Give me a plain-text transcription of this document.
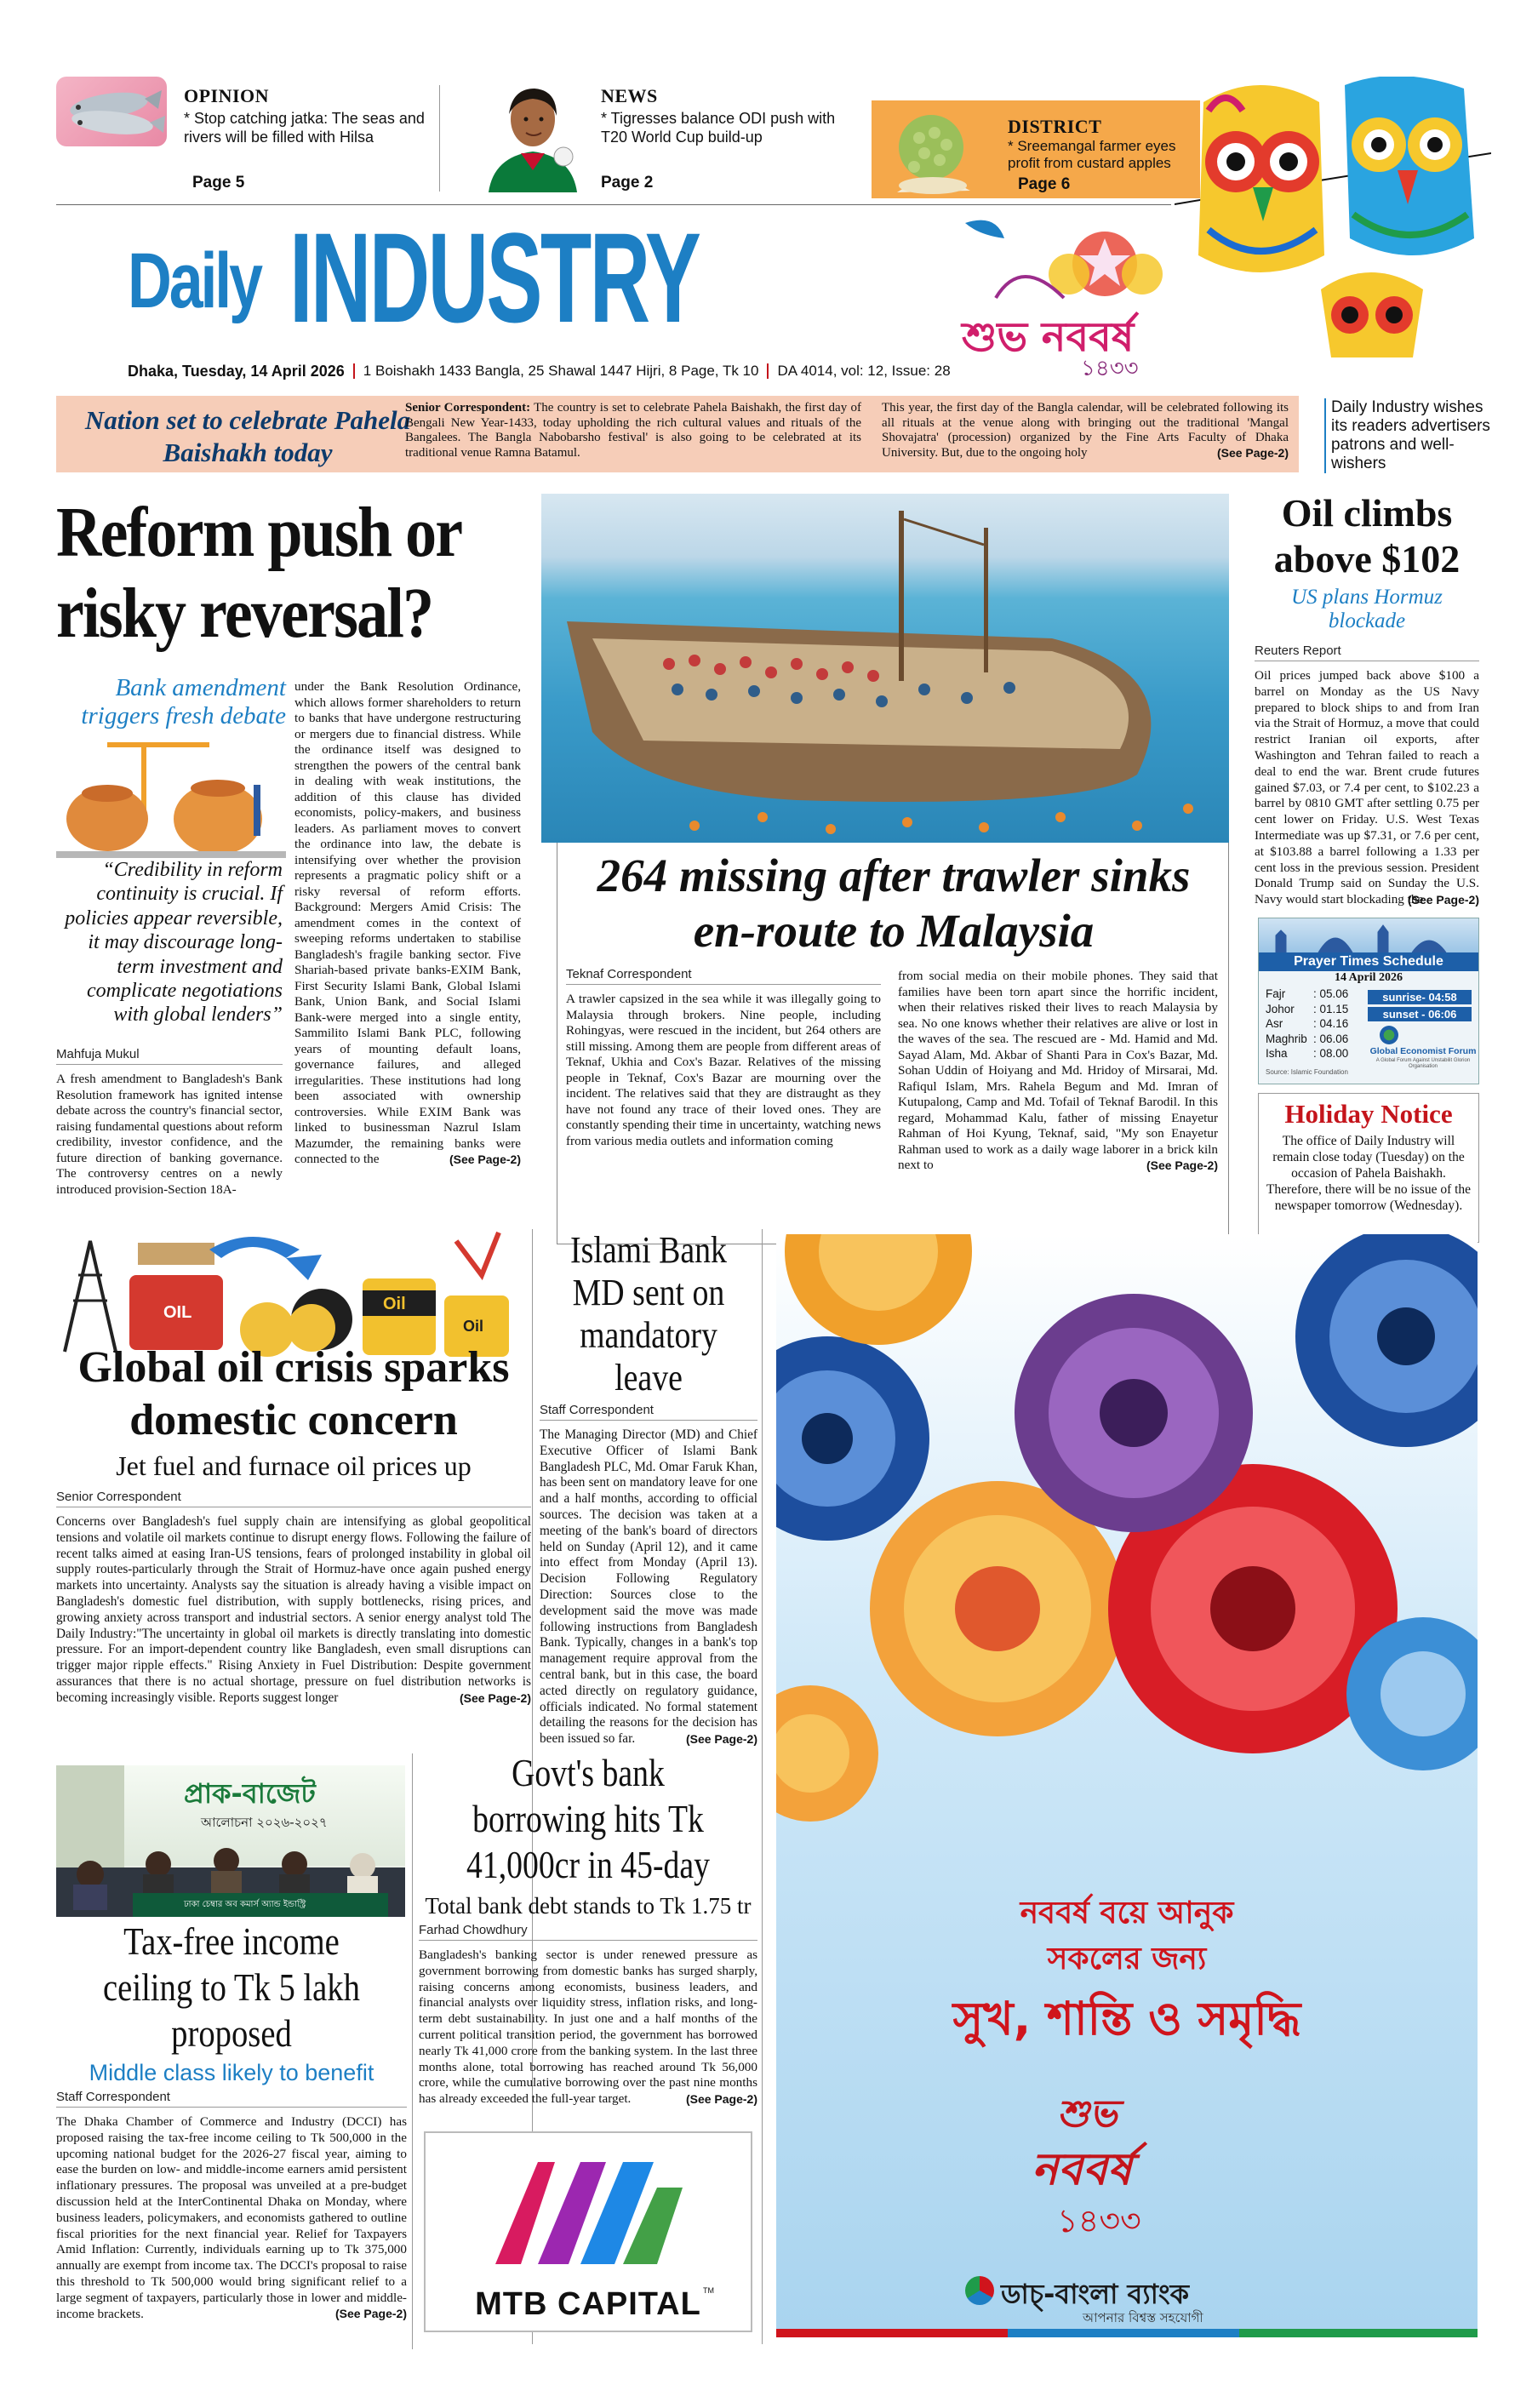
OPINION
* Stop catching jatka: The seas and rivers will be filled with Hilsa
Page 5
NEWS
* Tigresses balance ODI push with T20 World Cup build-up
Page 2
DISTRICT
* Sreemangal farmer eyes profit from custard apples
Page 6
Daily INDUSTRY	শুভ নববর্ষ
১৪৩৩
Dhaka, Tuesday, 14 April 2026 1 Boishakh 1433 Bangla, 25 Shawal 1447 Hijri, 8 Page, Tk 10 DA 4014, vol: 12, Issue: 28
Nation set to celebrate Pahela Baishakh today
Senior Correspondent: The country is set to celebrate Pahela Baishakh, the first day of Bengali New Year-1433, today upholding the rich cultural values and rituals of the Bangalees. The Bangla Nabobarsho festival' is also going to be celebrated at its traditional venue Ramna Batamul.
This year, the first day of the Bangla calendar, will be celebrated following its all rituals at the venue along with bringing out the traditional 'Mangal Shovajatra' (procession) organized by the Fine Arts Faculty of Dhaka University. But, due to the ongoing holy	(See Page-2)
Daily Industry wishes its readers advertisers patrons and well-wishers
Reform push or risky reversal?
Bank amendment triggers fresh debate
“Credibility in reform continuity is crucial. If policies appear reversible, it may discourage long-term investment and complicate negotiations with global lenders”
Mahfuja Mukul
A fresh amendment to Bangladesh's Bank Resolution framework has ignited intense debate across the country's financial sector, raising fundamental questions about reform credibility, investor confidence, and the future direction of banking governance. The controversy centres on a newly introduced provision-Section 18A-
under the Bank Resolution Ordinance, which allows former shareholders to return to banks that have undergone restructuring or mergers due to financial distress. While the ordinance itself was designed to strengthen the powers of the central bank in dealing with weak institutions, the addition of this clause has divided economists, policy-makers, and business leaders. As parliament moves to convert the ordinance into law, the debate is intensifying over whether the provision represents a pragmatic policy shift or a risky reversal of reform efforts. Background: Mergers Amid Crisis: The amendment comes in the context of sweeping reforms undertaken to stabilise Bangladesh's fragile banking sector. Five Shariah-based private banks-EXIM Bank, First Security Islami Bank, Global Islami Bank, Union Bank, and Social Islami Bank-were merged into a single entity, Sammilito Islami Bank PLC, following years of mounting default loans, governance failures, and alleged irregularities. These institutions had long been associated with ownership controversies. While EXIM Bank was linked to businessman Nazrul Islam Mazumder, the remaining banks were connected to the	(See Page-2)
264 missing after trawler sinks en-route to Malaysia
Teknaf Correspondent
A trawler capsized in the sea while it was illegally going to Malaysia through brokers. Nine people, including Rohingyas, were rescued in the incident, but 264 others are still missing. Among them are people from different areas of Teknaf, Ukhia and Cox's Bazar. Relatives of the missing people in Teknaf, Cox's Bazar are mourning over the incident. The relatives said that they are distraught as they have not found any trace of their loved ones. They are constantly spending their time in uncertainty, watching news from various media outlets and information coming
from social media on their mobile phones. They said that families have been torn apart since the horrific incident, when their relatives risked their lives to reach Malaysia by sea. No one knows whether their relatives are alive or lost in the waves of the sea. The rescued are - Md. Hamid and Md. Sayad Alam, Md. Akbar of Shanti Para in Cox's Bazar, Md. Sohan Uddin of Hoiyang and Md. Hridoy of Mirsarai, Md. Rafiqul Islam, Mrs. Rahela Begum and Md. Imran of Kutupalong, Camp and Md. Tofail of Teknaf Barodil. In this regard, Mohammad Kalu, father of missing Enayetur Rahman of Hoi Kyung, Teknaf, said, "My son Enayetur Rahman used to work as a daily wage laborer in a brick kiln next to	(See Page-2)
Oil climbs above $102
US plans Hormuz blockade
Reuters Report
Oil prices jumped back above $100 a barrel on Monday as the US Navy prepared to block ships to and from Iran via the Strait of Hormuz, a move that could restrict Iranian oil exports, after Washington and Tehran failed to reach a deal to end the war. Brent crude futures gained $7.03, or 7.4 per cent, to $102.23 a barrel by 0810 GMT after settling 0.75 per cent lower on Friday. U.S. West Texas Intermediate was up $7.31, or 7.6 per cent, at $103.88 a barrel following a 1.33 per cent loss in the previous session. President Donald Trump said on Sunday the U.S. Navy would start blockading the
(See Page-2)
Prayer Times Schedule
14 April 2026
Fajr	: 05.06
Johor	: 01.15
Asr	: 04.16
Maghrib : 06.06
Isha	: 08.00
sunrise- 04:58
sunset - 06:06
Global Economist Forum
A Global Forum Against Unstabilit Glorion Organisation
Source: Islamic Foundation
Holiday Notice
The office of Daily Industry will remain close today (Tuesday) on the occasion of Pahela Baishakh. Therefore, there will be no issue of the newspaper tomorrow (Wednesday).
OIL	Oil
Oil
Global oil crisis sparks domestic concern
Jet fuel and furnace oil prices up
Senior Correspondent
Concerns over Bangladesh's fuel supply chain are intensifying as global geopolitical tensions and volatile oil markets continue to disrupt energy flows. Following the failure of recent talks aimed at easing Iran-US tensions, fears of prolonged instability in global oil supply routes-particularly through the Strait of Hormuz-have once again pushed energy markets into uncertainty. Analysts say the situation is already having a visible impact on Bangladesh's domestic fuel distribution, with supply bottlenecks, rising prices, and growing anxiety across transport and industrial sectors. A senior energy analyst told The Daily Industry:"The uncertainty in global oil markets is directly translating into domestic pressure. For an import-dependent country like Bangladesh, even small disruptions can trigger major ripple effects." Rising Anxiety in Fuel Distribution: Despite government assurances that there is no actual shortage, pressure on fuel distribution networks is becoming increasingly visible. Reports suggest longer	(See Page-2)
Islami Bank MD sent on mandatory leave
Staff Correspondent
The Managing Director (MD) and Chief Executive Officer of Islami Bank Bangladesh PLC, Md. Omar Faruk Khan, has been sent on mandatory leave for one and a half months, according to official sources. The decision was taken at a meeting of the bank's board of directors held on Sunday (April 12), and it came into effect from Monday (April 13). Decision Following Regulatory Direction: Sources close to the development said the move was made following instructions from Bangladesh Bank. Typically, changes in a bank's top management require approval from the central bank, but in this case, the board acted directly on regulatory guidance, officials indicated. No formal statement detailing the reasons for the decision has been issued so far.	(See Page-2)
নববর্ষ বয়ে আনুক
সকলের জন্য
সুখ, শান্তি ও সমৃদ্ধি
শুভ
নববর্ষ
১৪৩৩
ডাচ্-বাংলা ব্যাংক
আপনার বিশ্বস্ত সহযোগী
প্রাক-বাজেট
আলোচনা ২০২৬-২০২৭
ঢাকা চেম্বার অব কমার্স অ্যান্ড ইন্ডাস্ট্রি
Tax-free income ceiling to Tk 5 lakh proposed
Middle class likely to benefit
Staff Correspondent
The Dhaka Chamber of Commerce and Industry (DCCI) has proposed raising the tax-free income ceiling to Tk 500,000 in the upcoming national budget for the 2026-27 fiscal year, aiming to ease the burden on low- and middle-income earners amid persistent inflationary pressures. The proposal was unveiled at a pre-budget discussion held at the InterContinental Dhaka on Monday, where business leaders, policymakers, and economists gathered to outline fiscal priorities for the next financial year. Relief for Taxpayers Amid Inflation: Currently, individuals earning up to Tk 375,000 annually are exempt from income tax. The DCCI's proposal to raise this threshold to Tk 500,000 would bring significant relief to a large segment of taxpayers, particularly those in lower and middle-income brackets.	(See Page-2)
Govt's bank borrowing hits Tk 41,000cr in 45-day
Total bank debt stands to Tk 1.75 tr
Farhad Chowdhury
Bangladesh's banking sector is under renewed pressure as government borrowing from domestic banks has surged sharply, raising concerns among economists, business leaders, and financial analysts over liquidity stress, inflation risks, and long-term debt sustainability. In just one and a half months of the current political transition period, the government has borrowed nearly Tk 41,000 crore from the banking system. In the last three months alone, total borrowing has reached around Tk 56,000 crore, while the cumulative borrowing over the past nine months has already exceeded the full-year target.	(See Page-2)
MTB CAPITAL TM
